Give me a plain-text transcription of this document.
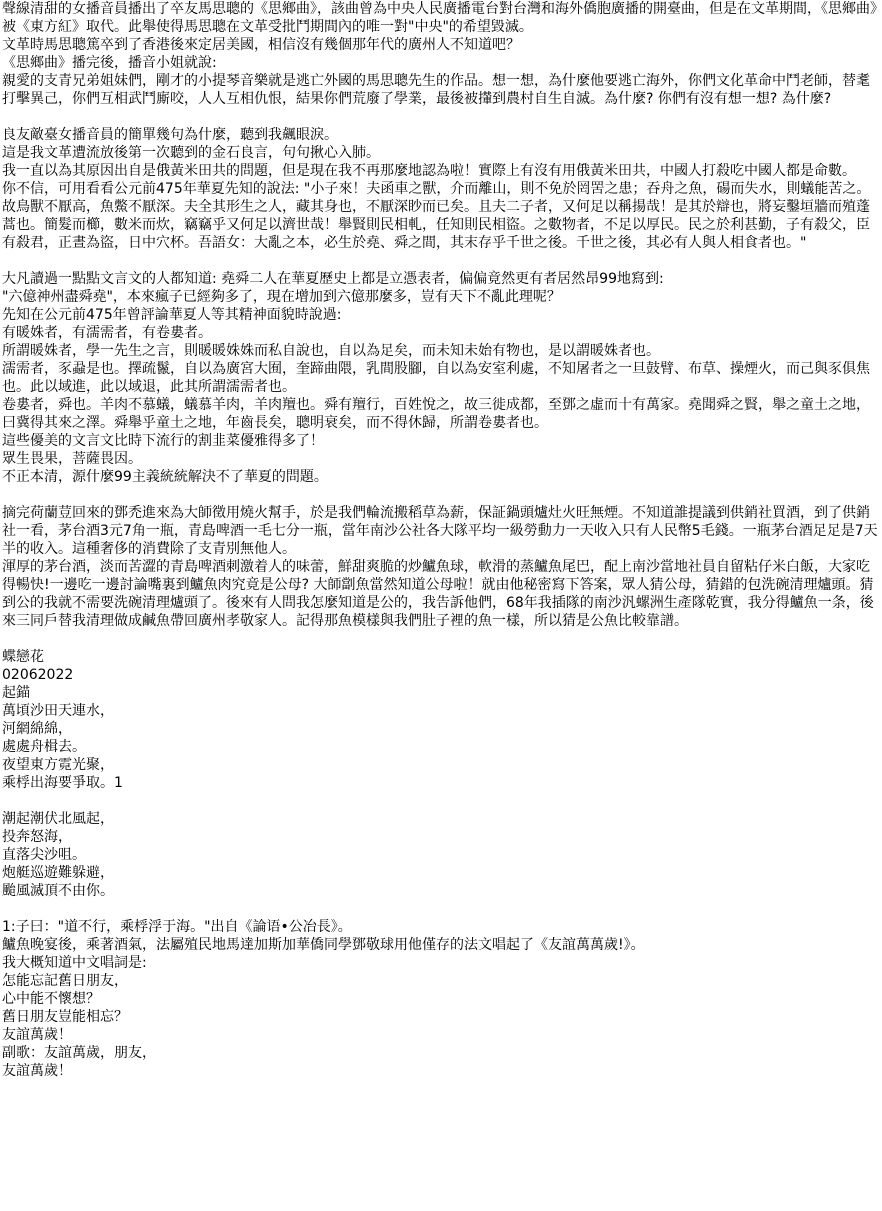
聲線清甜的女播音員播出了卒友馬思聰的《思鄉曲》，該曲曾為中央人民廣播電台對台灣和海外僑胞廣播的開臺曲，但是在文革期間，《思鄉曲》被《東方紅》取代。此舉使得馬思聰在文革受批鬥期間內的唯一對"中央"的希望毀滅。
文革時馬思聰篤卒到了香港後來定居美國，相信沒有幾個那年代的廣州人不知道吧？
《思鄉曲》播完後，播音小姐就說:
親愛的支青兄弟姐妹們，剛才的小提琴音樂就是逃亡外國的馬思聰先生的作品。想一想，為什麼他要逃亡海外，你們文化革命中鬥老師，替耄打擊異己，你們互相武鬥廝咬，人人互相仇恨，結果你們荒廢了學業，最後被攆到農村自生自滅。為什麼? 你們有沒有想一想? 為什麼?
良友敵臺女播音員的簡單幾句為什麼，聽到我飆眼淚。
這是我文革遭流放後第一次聽到的金石良言，句句揪心入肺。
我一直以為其原因出自是俄黃米田共的問題，但是現在我不再那麼地認為啦！實際上有沒有用俄黃米田共，中國人打殺吃中國人都是命數。
你不信，可用看看公元前475年華夏先知的說法: "小子來！夫函車之獸，介而離山，則不免於罔罟之患；吞舟之魚，碭而失水，則蟻能苦之。故鳥獸不厭高，魚鱉不厭深。夫全其形生之人，藏其身也，不厭深眇而已矣。且夫二子者，又何足以稱揚哉！是其於辯也，將妄鑿垣牆而殖蓬蒿也。簡髮而櫛，數米而炊，竊竊乎又何足以濟世哉！舉賢則民相軋，任知則民相盜。之數物者，不足以厚民。民之於利甚勤，子有殺父，臣有殺君，正晝為盜，日中穴杯。吾語女：大亂之本，必生於堯、舜之間，其末存乎千世之後。千世之後，其必有人與人相食者也。"
大凡讀過一點點文言文的人都知道: 堯舜二人在華夏歷史上都是立憑表者，偏偏竟然更有者居然昂99地寫到:
"六億神州盡舜堯"，本來瘋子已經夠多了，現在增加到六億那麼多，豈有天下不亂此理呢？
先知在公元前475年曾評論華夏人等其精神面貌時說過:
有暖姝者，有濡需者，有卷婁者。
所謂暖姝者，學一先生之言，則暖暖姝姝而私自說也，自以為足矣，而未知未始有物也，是以謂暖姝者也。
濡需者，豕蝨是也。擇疏鬣，自以為廣宮大囿，奎蹄曲隈，乳間股腳，自以為安室利處，不知屠者之一旦鼓臂、布草、操煙火，而己與豕俱焦也。此以域進，此以域退，此其所謂濡需者也。
卷婁者，舜也。羊肉不慕蟻，蟻慕羊肉，羊肉羶也。舜有羶行，百姓悅之，故三徙成都，至鄧之虛而十有萬家。堯聞舜之賢，舉之童土之地，曰冀得其來之澤。舜舉乎童土之地，年齒長矣，聰明衰矣，而不得休歸，所謂卷婁者也。
這些優美的文言文比時下流行的割韭菜優雅得多了！
眾生畏果，菩薩畏因。
不正本清，源什麼99主義統統解決不了華夏的問題。
摘完荷蘭荳回來的鄧禿進來為大師徵用燒火幫手，於是我們輪流搬稻草為薪，保証鍋頭爐灶火旺無煙。不知道誰提議到供銷社買酒，到了供銷社一看，茅台酒3元7角一瓶，青島啤酒一毛七分一瓶，當年南沙公社各大隊平均一級勞動力一天收入只有人民幣5毛錢。一瓶茅台酒足足是7天半的收入。這種奢侈的消費除了支青別無他人。
渾厚的茅台酒，淡而苦澀的青島啤酒刺激着人的味蕾，鮮甜爽脆的炒鱸魚球，軟滑的蒸鱸魚尾巴，配上南沙當地社員自留粘仔米白飯，大家吃得暢快!一邊吃一邊討論嘴裏到鱸魚肉究竟是公母? 大師劏魚當然知道公母啦！就由他秘密寫下答案，眾人猜公母，猜錯的包洗碗清理爐頭。猜到公的我就不需要洗碗清理爐頭了。後來有人問我怎麼知道是公的，我告訴他們，68年我插隊的南沙汎螺洲生產隊乾實，我分得鱸魚一条，後來三同戶替我清理做成鹹魚帶回廣州孝敬家人。記得那魚模樣與我們肚子裡的魚一樣，所以猜是公魚比較靠譜。
蝶戀花
02062022
起錨
萬頃沙田天連水，
河網綿綿，
處處舟楫去。
夜望東方霓光聚，
乘桴出海要爭取。1
潮起潮伏北風起，
投奔怒海，
直落尖沙咀。
炮艇巡遊難躲避，
颱風滅頂不由你。
1:子曰："道不行，乘桴浮于海。"出自《論语•公冶長》。
鱸魚晚宴後，乘著酒氣，法屬殖民地馬達加斯加華僑同學鄧敬球用他僅存的法文唱起了《友誼萬萬歲!》。
我大概知道中文唱詞是:
怎能忘記舊日朋友，
心中能不懷想？
舊日朋友豈能相忘？
友誼萬歲！
副歌：友誼萬歲，朋友，
友誼萬歲！
